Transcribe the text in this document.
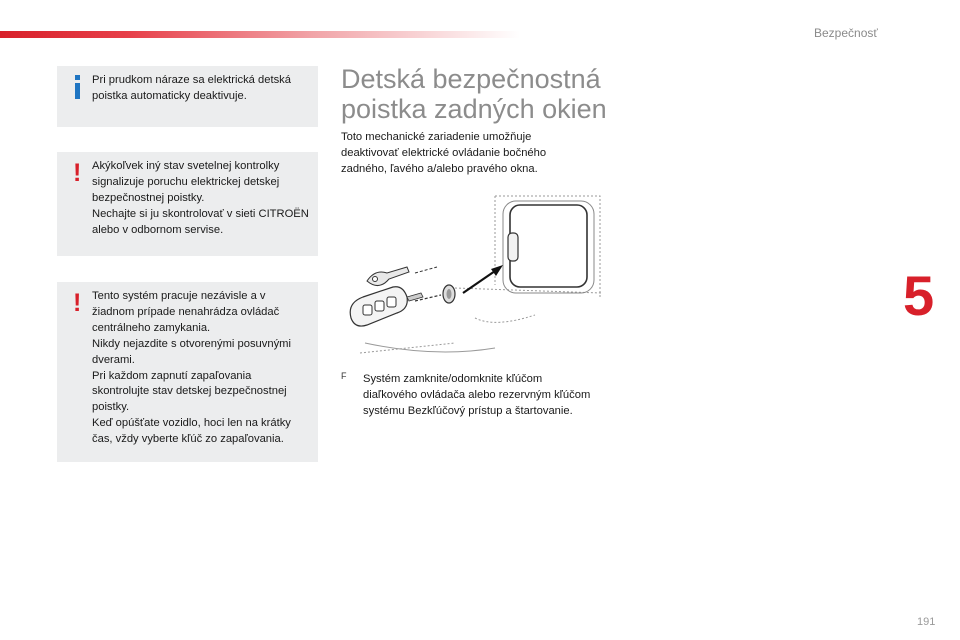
Bezpečnosť
5

Pri prudkom náraze sa elektrická detská poistka automaticky deaktivuje.

! Akýkoľvek iný stav svetelnej kontrolky signalizuje poruchu elektrickej detskej bezpečnostnej poistky.

Nechajte si ju skontrolovať v sieti CITROËN alebo v odbornom servise.

! Tento systém pracuje nezávisle a v žiadnom prípade nenahrádza ovládač centrálneho zamykania.

Nikdy nejazdite s otvorenými posuvnými dverami.

Pri každom zapnutí zapaľovania skontrolujte stav detskej bezpečnostnej poistky.

Keď opúšťate vozidlo, hoci len na krátky čas, vždy vyberte kľúč zo zapaľovania.

Detská bezpečnostná
poistka zadných okien

Toto mechanické zariadenie umožňuje deaktivovať elektrické ovládanie bočného zadného, ľavého a/alebo pravého okna.

F Systém zamknite/odomknite kľúčom diaľkového ovládača alebo rezervným kľúčom systému Bezkľúčový prístup a štartovanie.

191
